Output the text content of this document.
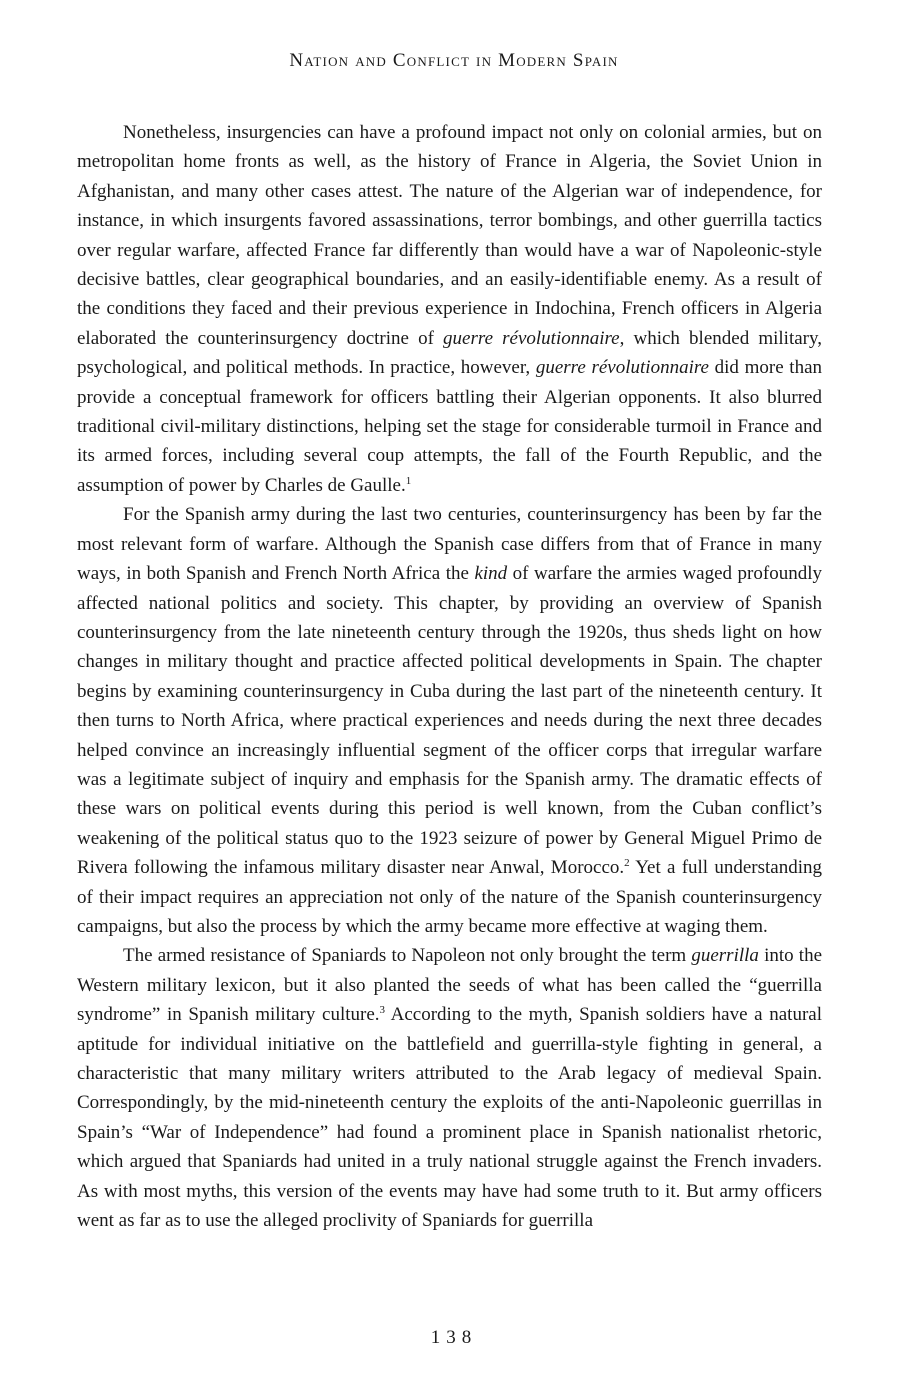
Nation and Conflict in Modern Spain

Nonetheless, insurgencies can have a profound impact not only on colonial armies, but on metropolitan home fronts as well, as the history of France in Algeria, the Soviet Union in Afghanistan, and many other cases attest. The nature of the Algerian war of independence, for instance, in which insurgents favored assassinations, terror bombings, and other guerrilla tactics over regular warfare, affected France far differently than would have a war of Napoleonic-style decisive battles, clear geographical boundaries, and an easily-identifiable enemy. As a result of the conditions they faced and their previous experience in Indochina, French officers in Algeria elaborated the counterinsurgency doctrine of guerre révolutionnaire, which blended military, psychological, and political methods. In practice, however, guerre révolutionnaire did more than provide a conceptual framework for officers battling their Algerian opponents. It also blurred traditional civil-military distinctions, helping set the stage for considerable turmoil in France and its armed forces, including several coup attempts, the fall of the Fourth Republic, and the assumption of power by Charles de Gaulle.$^1$

For the Spanish army during the last two centuries, counterinsurgency has been by far the most relevant form of warfare. Although the Spanish case differs from that of France in many ways, in both Spanish and French North Africa the kind of warfare the armies waged profoundly affected national politics and society. This chapter, by providing an overview of Spanish counterinsurgency from the late nineteenth century through the 1920s, thus sheds light on how changes in military thought and practice affected political developments in Spain. The chapter begins by examining counterinsurgency in Cuba during the last part of the nineteenth century. It then turns to North Africa, where practical experiences and needs during the next three decades helped convince an increasingly influential segment of the officer corps that irregular warfare was a legitimate subject of inquiry and emphasis for the Spanish army. The dramatic effects of these wars on political events during this period is well known, from the Cuban conflict’s weakening of the political status quo to the 1923 seizure of power by General Miguel Primo de Rivera following the infamous military disaster near Anwal, Morocco.$^2$ Yet a full understanding of their impact requires an appreciation not only of the nature of the Spanish counterinsurgency campaigns, but also the process by which the army became more effective at waging them.

The armed resistance of Spaniards to Napoleon not only brought the term guerrilla into the Western military lexicon, but it also planted the seeds of what has been called the “guerrilla syndrome” in Spanish military culture.$^3$ According to the myth, Spanish soldiers have a natural aptitude for individual initiative on the battlefield and guerrilla-style fighting in general, a characteristic that many military writers attributed to the Arab legacy of medieval Spain. Correspondingly, by the mid-nineteenth century the exploits of the anti-Napoleonic guerrillas in Spain’s “War of Independence” had found a prominent place in Spanish nationalist rhetoric, which argued that Spaniards had united in a truly national struggle against the French invaders. As with most myths, this version of the events may have had some truth to it. But army officers went as far as to use the alleged proclivity of Spaniards for guerrilla

138
